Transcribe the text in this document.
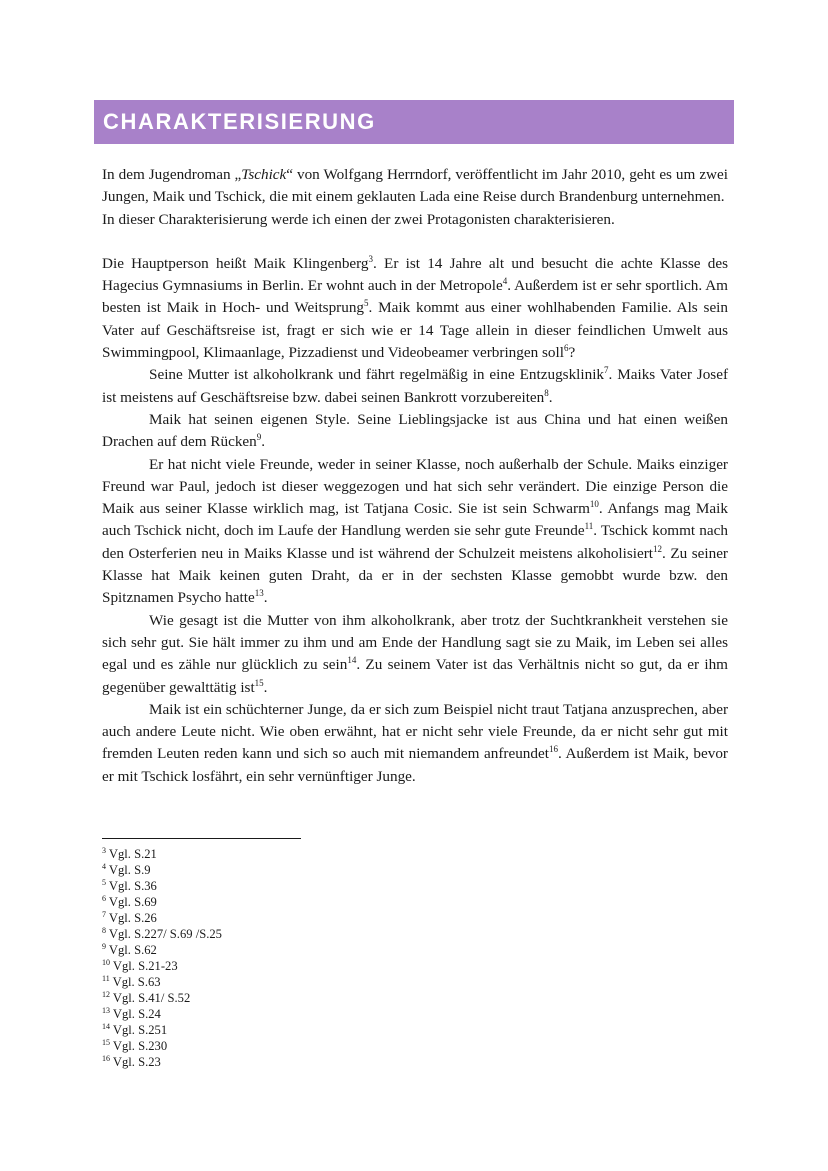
CHARAKTERISIERUNG

In dem Jugendroman „Tschick“ von Wolfgang Herrndorf, veröffentlicht im Jahr 2010, geht es um zwei Jungen, Maik und Tschick, die mit einem geklauten Lada eine Reise durch Brandenburg unternehmen.

In dieser Charakterisierung werde ich einen der zwei Protagonisten charakterisieren.

Die Hauptperson heißt Maik Klingenberg$^3$. Er ist 14 Jahre alt und besucht die achte Klasse des Hagecius Gymnasiums in Berlin. Er wohnt auch in der Metropole$^4$. Außerdem ist er sehr sportlich. Am besten ist Maik in Hoch- und Weitsprung$^5$. Maik kommt aus einer wohlhabenden Familie. Als sein Vater auf Geschäftsreise ist, fragt er sich wie er 14 Tage allein in dieser feindlichen Umwelt aus Swimmingpool, Klimaanlage, Pizzadienst und Videobeamer verbringen soll$^6$?

Seine Mutter ist alkoholkrank und fährt regelmäßig in eine Entzugsklinik$^7$. Maiks Vater Josef ist meistens auf Geschäftsreise bzw. dabei seinen Bankrott vorzubereiten$^8$.

Maik hat seinen eigenen Style. Seine Lieblingsjacke ist aus China und hat einen weißen Drachen auf dem Rücken$^9$.

Er hat nicht viele Freunde, weder in seiner Klasse, noch außerhalb der Schule. Maiks einziger Freund war Paul, jedoch ist dieser weggezogen und hat sich sehr verändert. Die einzige Person die Maik aus seiner Klasse wirklich mag, ist Tatjana Cosic. Sie ist sein Schwarm$^{10}$. Anfangs mag Maik auch Tschick nicht, doch im Laufe der Handlung werden sie sehr gute Freunde$^{11}$. Tschick kommt nach den Osterferien neu in Maiks Klasse und ist während der Schulzeit meistens alkoholisiert$^{12}$. Zu seiner Klasse hat Maik keinen guten Draht, da er in der sechsten Klasse gemobbt wurde bzw. den Spitznamen Psycho hatte$^{13}$.

Wie gesagt ist die Mutter von ihm alkoholkrank, aber trotz der Suchtkrankheit verstehen sie sich sehr gut. Sie hält immer zu ihm und am Ende der Handlung sagt sie zu Maik, im Leben sei alles egal und es zähle nur glücklich zu sein$^{14}$. Zu seinem Vater ist das Verhältnis nicht so gut, da er ihm gegenüber gewalttätig ist$^{15}$.

Maik ist ein schüchterner Junge, da er sich zum Beispiel nicht traut Tatjana anzusprechen, aber auch andere Leute nicht. Wie oben erwähnt, hat er nicht sehr viele Freunde, da er nicht sehr gut mit fremden Leuten reden kann und sich so auch mit niemandem anfreundet$^{16}$. Außerdem ist Maik, bevor er mit Tschick losfährt, ein sehr vernünftiger Junge.

$^3$ Vgl. S.21
$^4$ Vgl. S.9
$^5$ Vgl. S.36
$^6$ Vgl. S.69
$^7$ Vgl. S.26
$^8$ Vgl. S.227/ S.69 /S.25
$^9$ Vgl. S.62
$^{10}$ Vgl. S.21-23
$^{11}$ Vgl. S.63
$^{12}$ Vgl. S.41/ S.52
$^{13}$ Vgl. S.24
$^{14}$ Vgl. S.251
$^{15}$ Vgl. S.230
$^{16}$ Vgl. S.23
